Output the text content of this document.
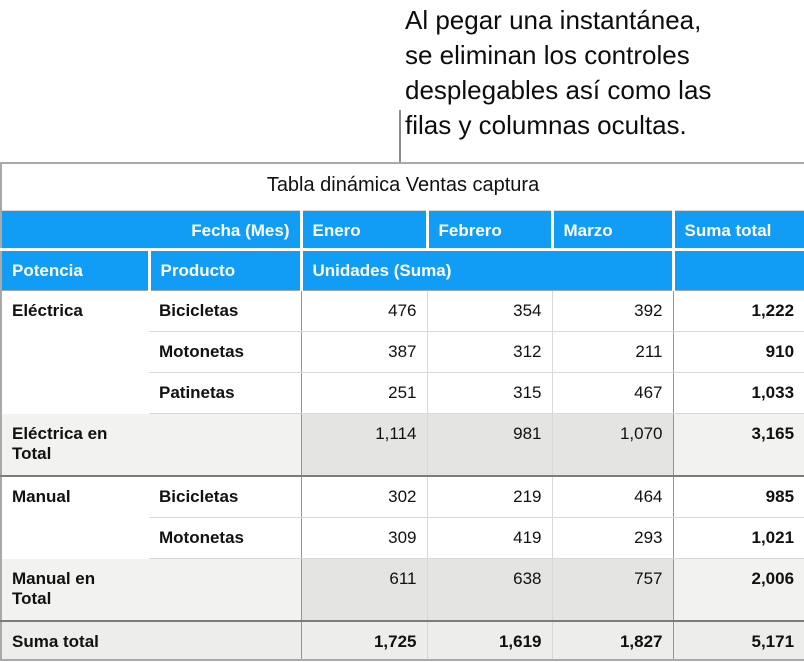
Al pegar una instantánea,
se eliminan los controles
desplegables así como las
filas y columnas ocultas.
Tabla dinámica Ventas captura					
Fecha (Mes)		Enero	Febrero	Marzo	Suma total
Potencia	Producto	Unidades (Suma)			
Eléctrica	Bicicletas	476	354	392	1,222
	Motonetas	387	312	211	910
	Patinetas	251	315	467	1,033
Eléctrica en Total		1,114	981	1,070	3,165
Manual	Bicicletas	302	219	464	985
	Motonetas	309	419	293	1,021
Manual en Total		611	638	757	2,006
Suma total		1,725	1,619	1,827	5,171
